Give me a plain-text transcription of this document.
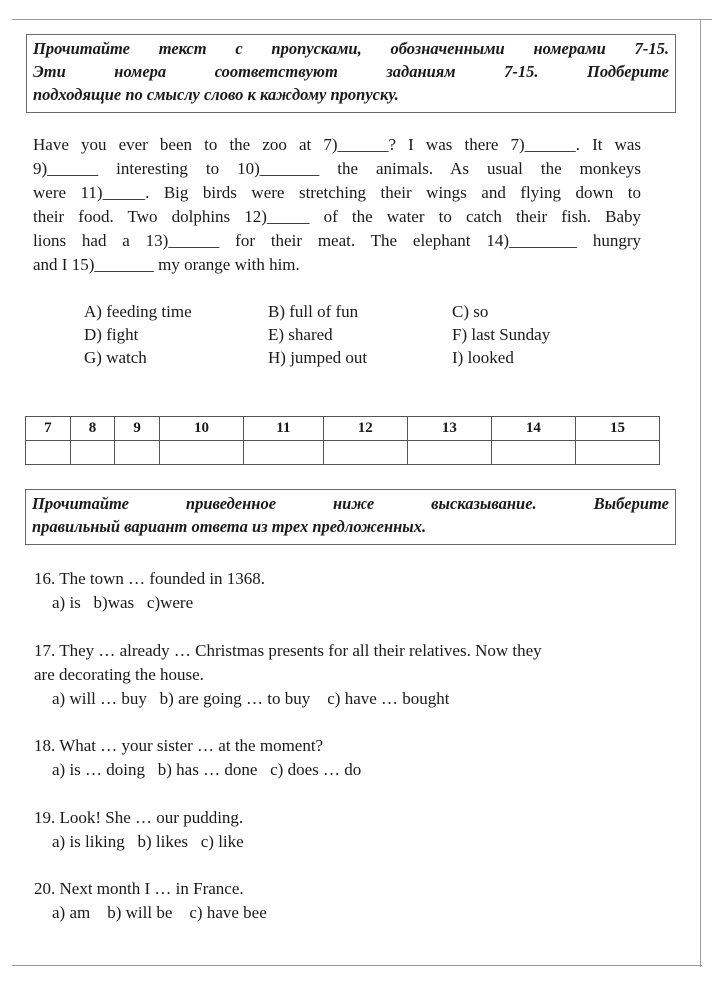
Прочитайте текст с пропусками, обозначенными номерами 7-15.
Эти номера соответствуют заданиям 7-15. Подберите
подходящие по смыслу слово к каждому пропуску.
Have you ever been to the zoo at 7)______? I was there 7)______. It was
9)______ interesting to 10)_______ the animals. As usual the monkeys
were 11)_____. Big birds were stretching their wings and flying down to
their food. Two dolphins 12)_____ of the water to catch their fish. Baby
lions had a 13)______ for their meat. The elephant 14)________ hungry
and I 15)_______ my orange with him.
A) feeding time	B) full of fun	C) so
D) fight	E) shared	F) last Sunday
G) watch	H) jumped out	I) looked
7	8	9	10	11	12	13	14	15

Прочитайте приведенное ниже высказывание. Выберите
правильный вариант ответа из трех предложенных.
16. The town … founded in 1368.
a) is   b)was   c)were
17. They … already … Christmas presents for all their relatives. Now they
are decorating the house.
a) will … buy   b) are going … to buy    c) have … bought
18. What … your sister … at the moment?
a) is … doing   b) has … done   c) does … do
19. Look! She … our pudding.
a) is liking   b) likes   c) like
20. Next month I … in France.
a) am    b) will be    c) have bee
